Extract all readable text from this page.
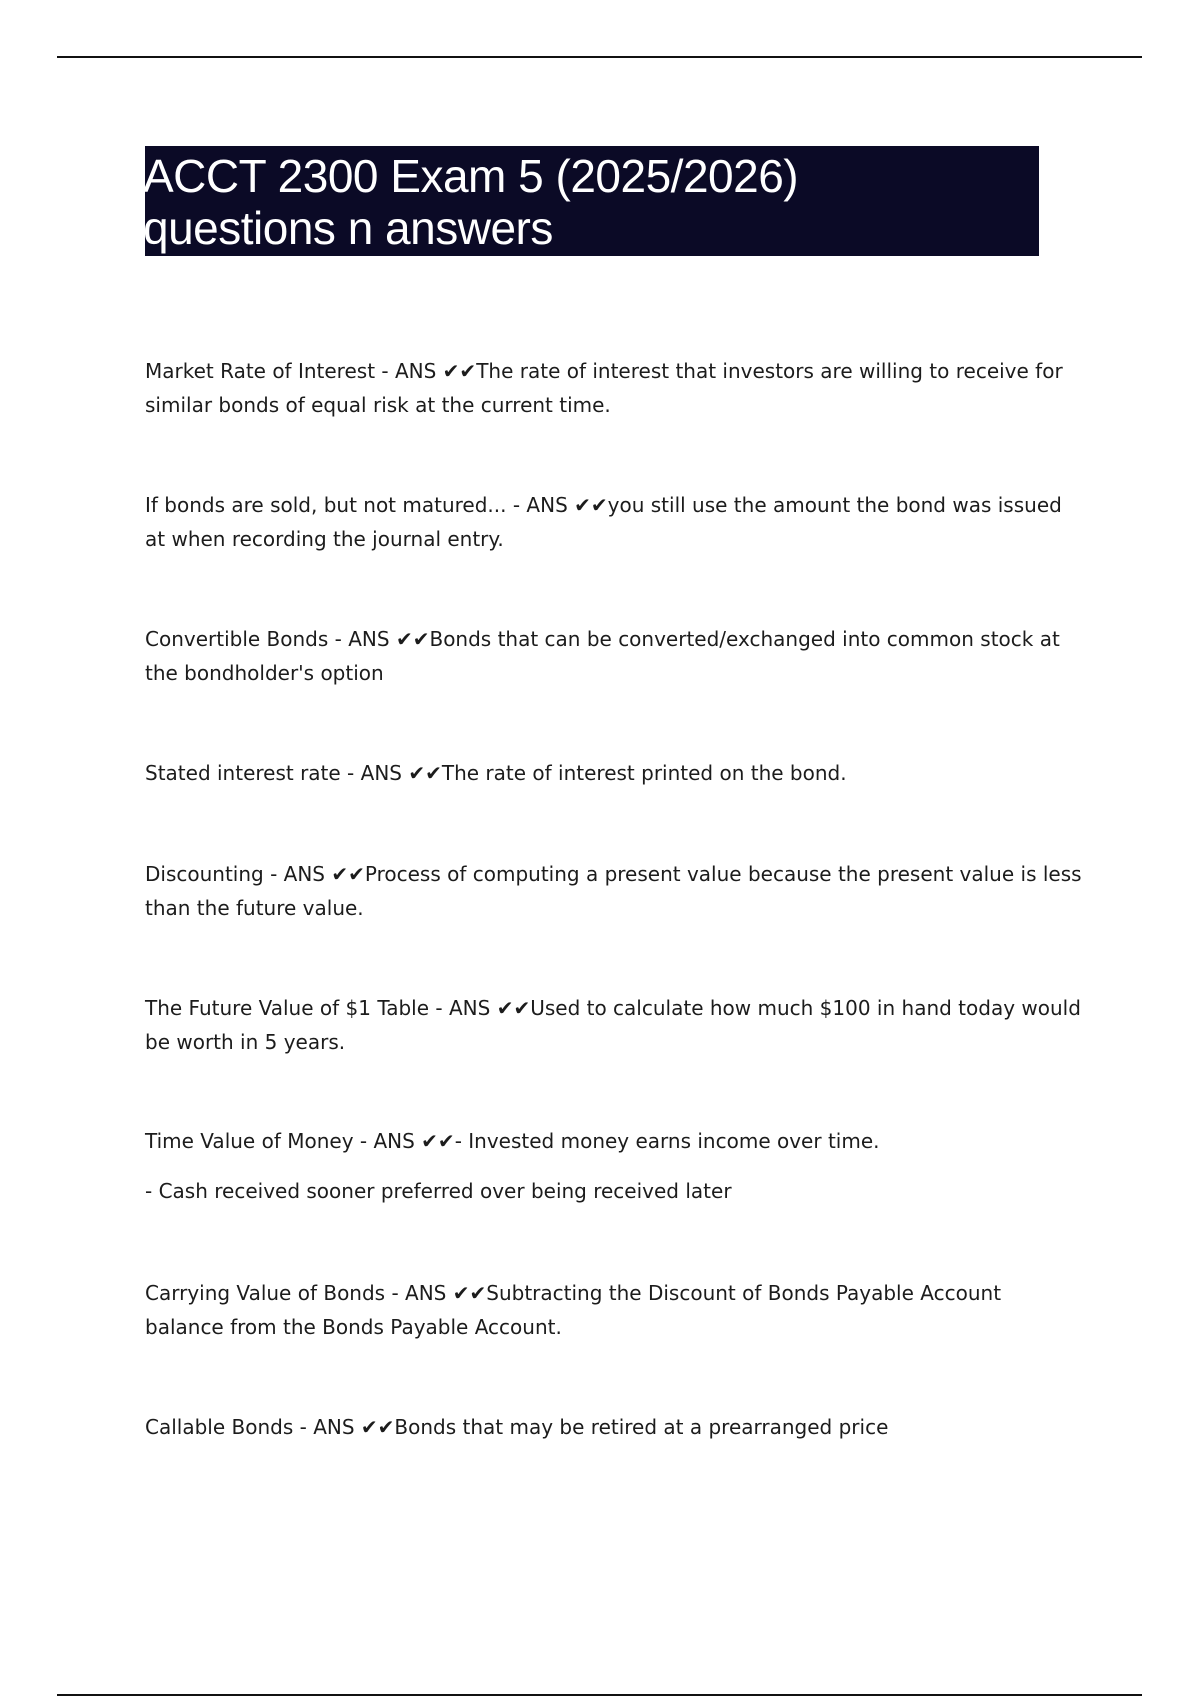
ACCT 2300 Exam 5 (2025/2026)
questions n answers

Market Rate of Interest - ANS ✔✔The rate of interest that investors are willing to receive for similar bonds of equal risk at the current time.

If bonds are sold, but not matured... - ANS ✔✔you still use the amount the bond was issued at when recording the journal entry.

Convertible Bonds - ANS ✔✔Bonds that can be converted/exchanged into common stock at the bondholder's option

Stated interest rate - ANS ✔✔The rate of interest printed on the bond.

Discounting - ANS ✔✔Process of computing a present value because the present value is less than the future value.

The Future Value of $1 Table - ANS ✔✔Used to calculate how much $100 in hand today would be worth in 5 years.

Time Value of Money - ANS ✔✔- Invested money earns income over time.

- Cash received sooner preferred over being received later

Carrying Value of Bonds - ANS ✔✔Subtracting the Discount of Bonds Payable Account balance from the Bonds Payable Account.

Callable Bonds - ANS ✔✔Bonds that may be retired at a prearranged price
